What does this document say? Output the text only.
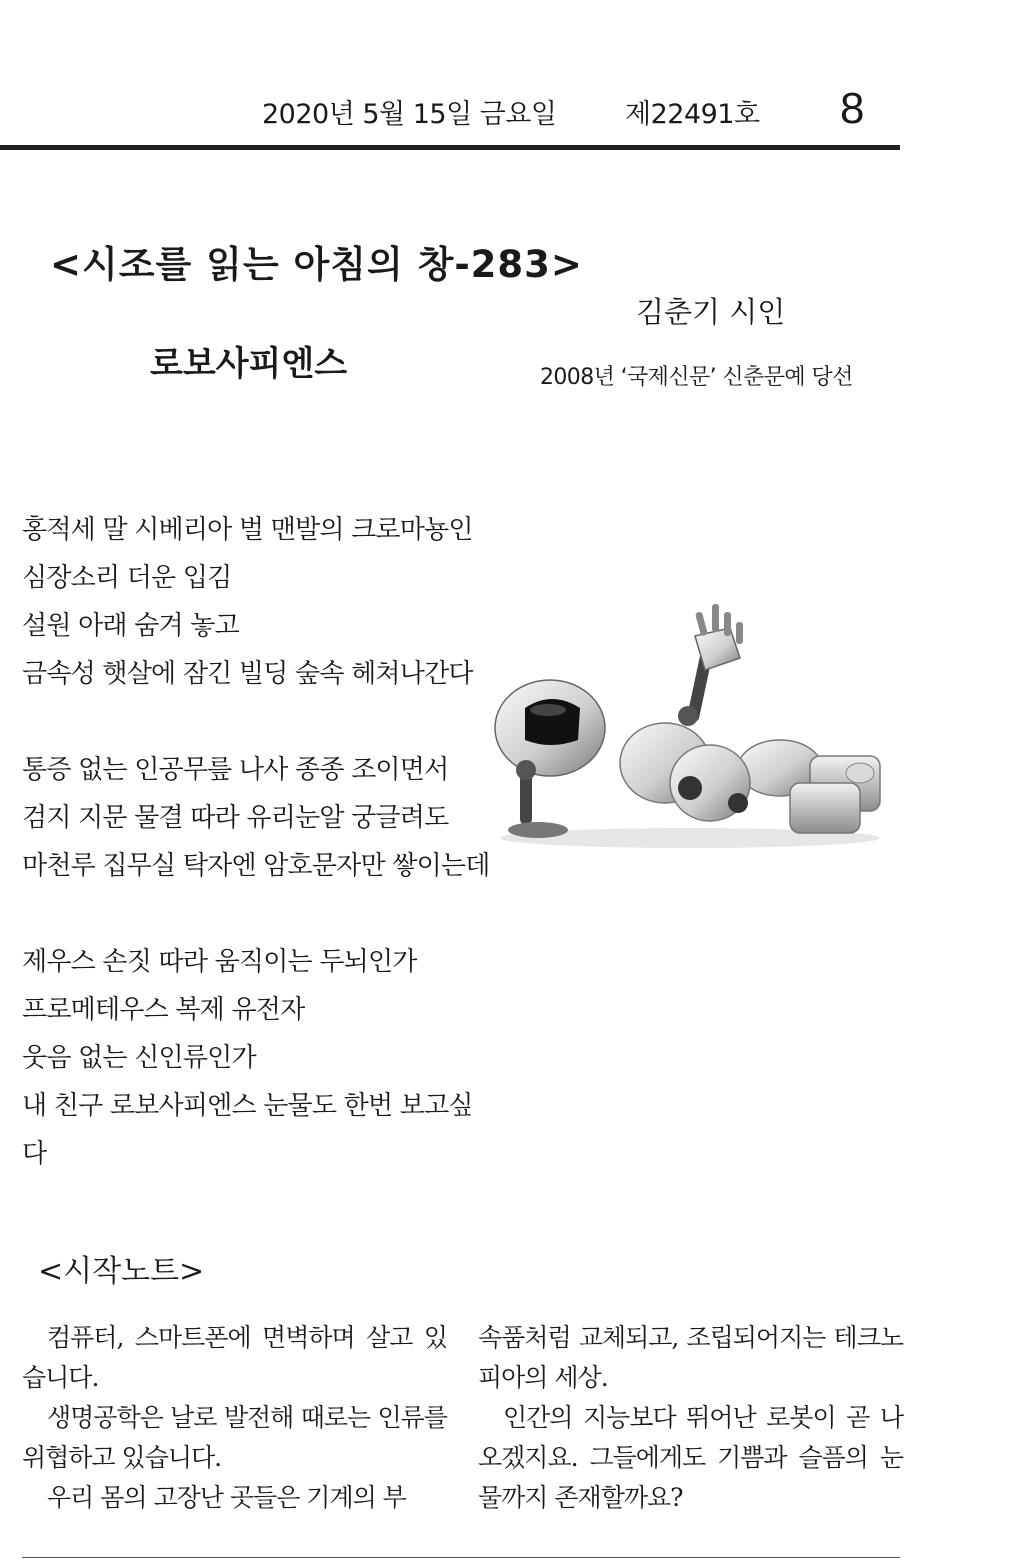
2020년 5월 15일 금요일	제22491호 8
<시조를 읽는 아침의 창-283>
로보사피엔스
김춘기 시인
2008년 ‘국제신문’ 신춘문예 당선
홍적세 말 시베리아 벌 맨발의 크로마뇽인
심장소리 더운 입김
설원 아래 숨겨 놓고
금속성 햇살에 잠긴 빌딩 숲속 헤쳐나간다
통증 없는 인공무릎 나사 종종 조이면서
검지 지문 물결 따라 유리눈알 궁글려도
마천루 집무실 탁자엔 암호문자만 쌓이는데
제우스 손짓 따라 움직이는 두뇌인가
프로메테우스 복제 유전자
웃음 없는 신인류인가
내 친구 로보사피엔스 눈물도 한번 보고싶
다
<시작노트>

컴퓨터, 스마트폰에 면벽하며 살고 있습니다.

생명공학은 날로 발전해 때로는 인류를 위협하고 있습니다.

우리 몸의 고장난 곳들은 기계의 부

속품처럼 교체되고, 조립되어지는 테크노피아의 세상.

인간의 지능보다 뛰어난 로봇이 곧 나오겠지요. 그들에게도 기쁨과 슬픔의 눈물까지 존재할까요?
